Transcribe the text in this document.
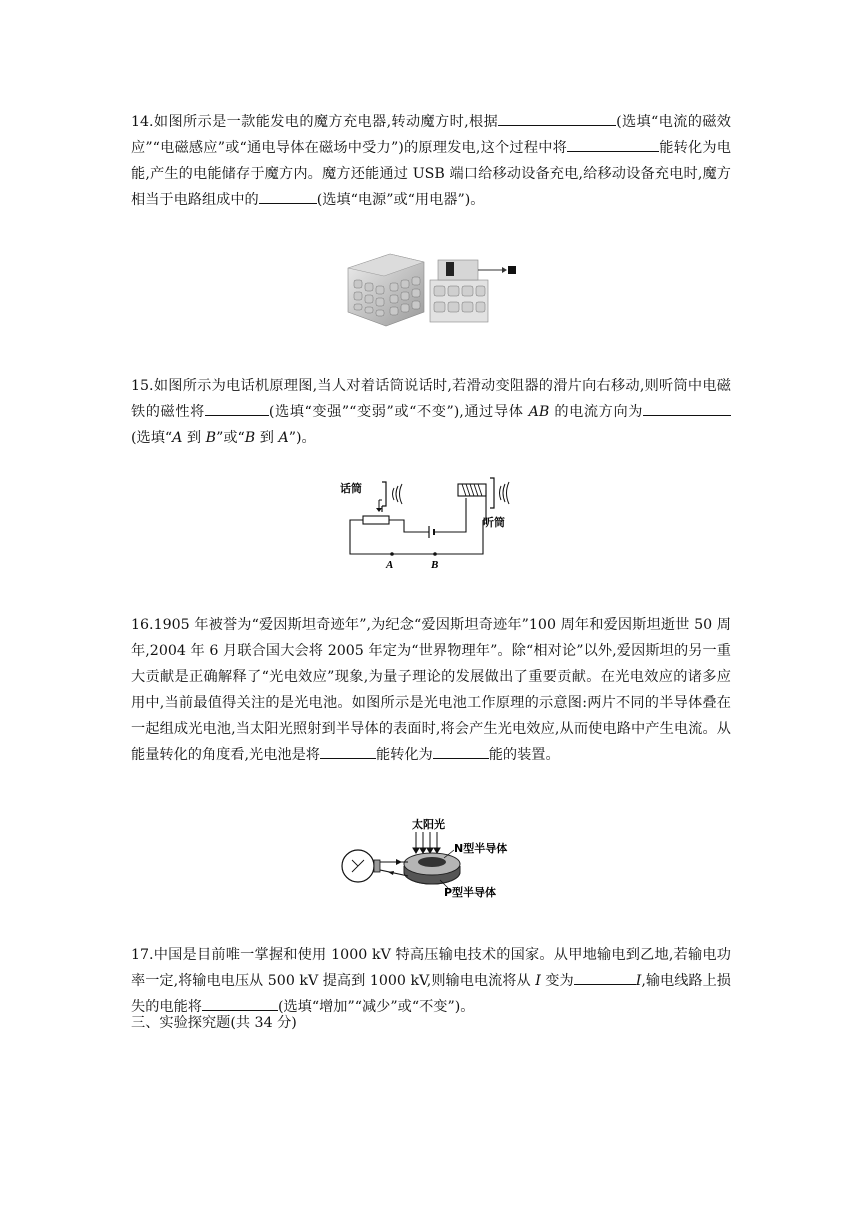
14.如图所示是一款能发电的魔方充电器,转动魔方时,根据	(选填“电流的磁效应”“电磁感应”或“通电导体在磁场中受力”)的原理发电,这个过程中将	能转化为电能,产生的电能储存于魔方内。魔方还能通过 USB 端口给移动设备充电,给移动设备充电时,魔方相当于电路组成中的	(选填“电源”或“用电器”)。

15.如图所示为电话机原理图,当人对着话筒说话时,若滑动变阻器的滑片向右移动,则听筒中电磁铁的磁性将	(选填“变强”“变弱”或“不变”),通过导体 AB 的电流方向为(选填“A 到 B”或“B 到 A”)。

话筒
听筒
A	B

16.1905 年被誉为“爱因斯坦奇迹年”,为纪念“爱因斯坦奇迹年”100 周年和爱因斯坦逝世 50 周年,2004 年 6 月联合国大会将 2005 年定为“世界物理年”。除“相对论”以外,爱因斯坦的另一重大贡献是正确解释了“光电效应”现象,为量子理论的发展做出了重要贡献。在光电效应的诸多应用中,当前最值得关注的是光电池。如图所示是光电池工作原理的示意图:两片不同的半导体叠在一起组成光电池,当太阳光照射到半导体的表面时,将会产生光电效应,从而使电路中产生电流。从能量转化的角度看,光电池是将	能转化为	能的装置。

太阳光
N型半导体
P型半导体

17.中国是目前唯一掌握和使用 1000 kV 特高压输电技术的国家。从甲地输电到乙地,若输电功率一定,将输电电压从 500 kV 提高到 1000 kV,则输电电流将从 I 变为	I,输电线路上损失的电能将	(选填“增加”“减少”或“不变”)。

三、实验探究题(共 34 分)
